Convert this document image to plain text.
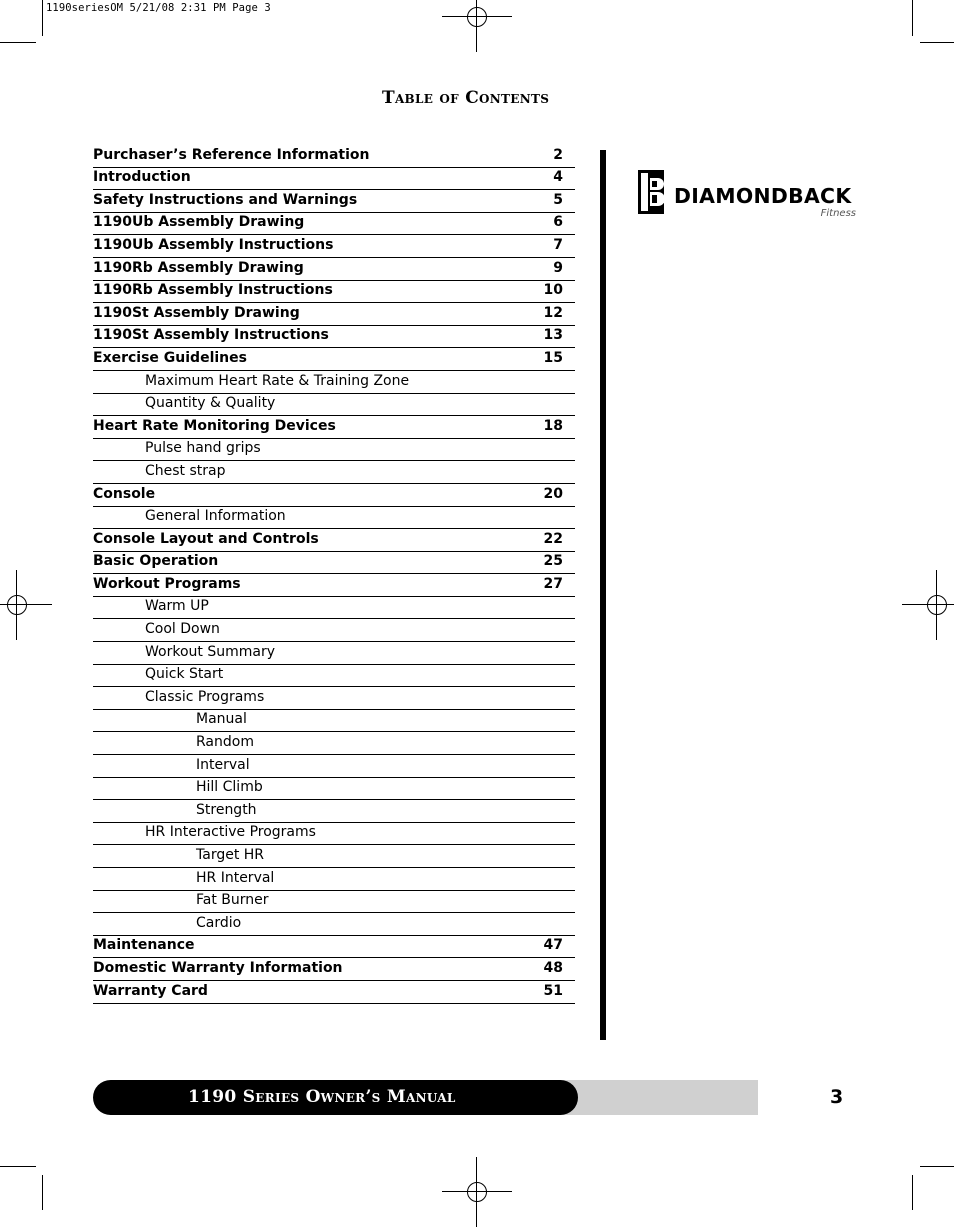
1190seriesOM 5/21/08 2:31 PM Page 3
Table of Contents
Purchaser’s Reference Information	2
Introduction	4
Safety Instructions and Warnings	5
1190Ub Assembly Drawing	6
1190Ub Assembly Instructions	7
1190Rb Assembly Drawing	9
1190Rb Assembly Instructions	10
1190St Assembly Drawing	12
1190St Assembly Instructions	13
Exercise Guidelines	15
Maximum Heart Rate & Training Zone
Quantity & Quality
Heart Rate Monitoring Devices	18
Pulse hand grips
Chest strap
Console	20
General Information
Console Layout and Controls	22
Basic Operation	25
Workout Programs	27
Warm UP
Cool Down
Workout Summary
Quick Start
Classic Programs
Manual
Random
Interval
Hill Climb
Strength
HR Interactive Programs
Target HR
HR Interval
Fat Burner
Cardio
Maintenance	47
Domestic Warranty Information	48
Warranty Card	51
DIAMONDBACK
Fitness
1190 Series Owner’s Manual	3
